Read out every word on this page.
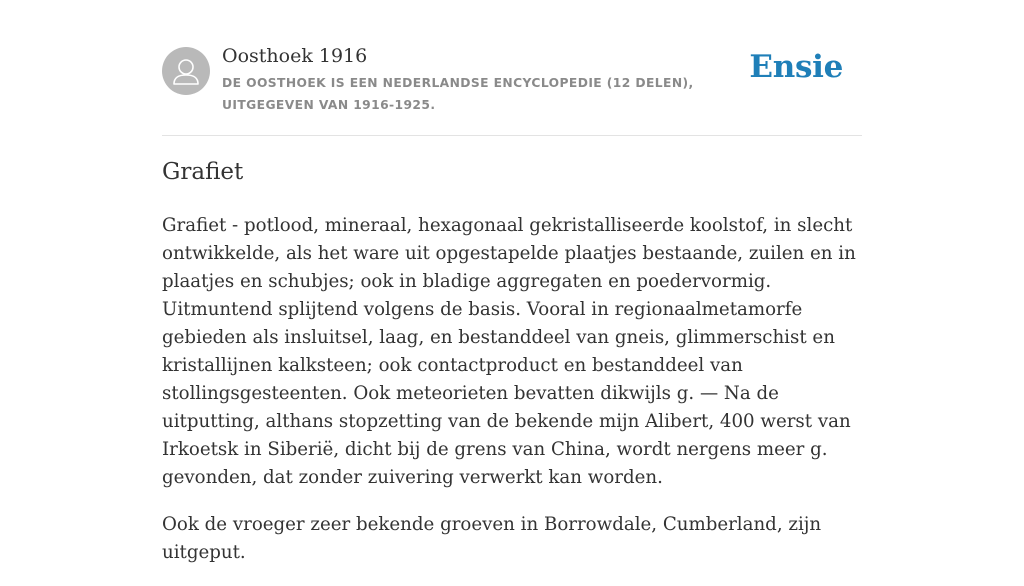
Oosthoek 1916

DE OOSTHOEK IS EEN NEDERLANDSE ENCYCLOPEDIE (12 DELEN), UITGEGEVEN VAN 1916-1925.

Ensie
Grafiet

Grafiet - potlood, mineraal, hexagonaal gekristalliseerde koolstof, in slecht ontwikkelde, als het ware uit opgestapelde plaatjes bestaande, zuilen en in plaatjes en schubjes; ook in bladige aggregaten en poedervormig. Uitmuntend splijtend volgens de basis. Vooral in regionaalmetamorfe gebieden als insluitsel, laag, en bestanddeel van gneis, glimmerschist en kristallijnen kalksteen; ook contactproduct en bestanddeel van stollingsgesteenten. Ook meteorieten bevatten dikwijls g. — Na de uitputting, althans stopzetting van de bekende mijn Alibert, 400 werst van Irkoetsk in Siberië, dicht bij de grens van China, wordt nergens meer g. gevonden, dat zonder zuivering verwerkt kan worden.

Ook de vroeger zeer bekende groeven in Borrowdale, Cumberland, zijn uitgeput.
